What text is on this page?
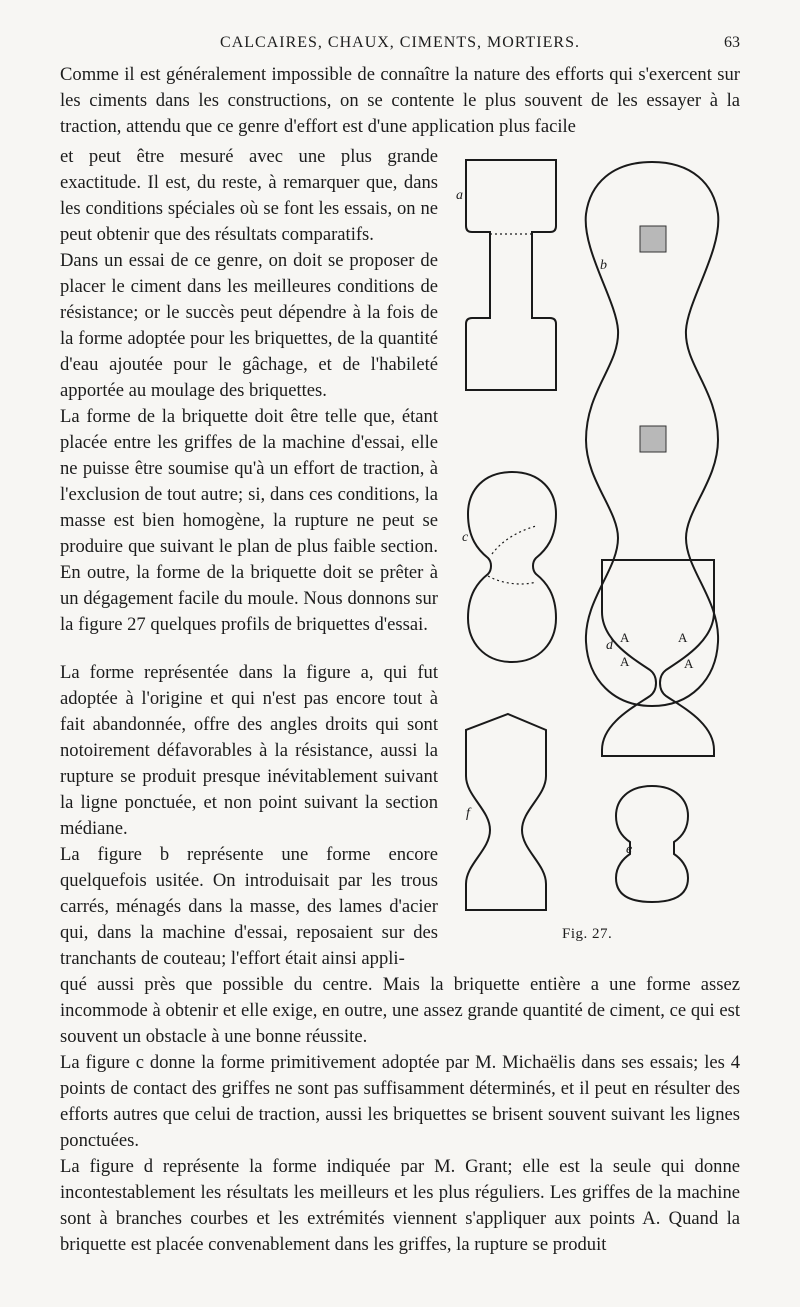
CALCAIRES, CHAUX, CIMENTS, MORTIERS.	63

Comme il est généralement impossible de connaître la nature des efforts qui s'exercent sur les ciments dans les constructions, on se contente le plus souvent de les essayer à la traction, attendu que ce genre d'effort est d'une application plus facile

et peut être mesuré avec une plus grande exactitude. Il est, du reste, à remarquer que, dans les conditions spéciales où se font les essais, on ne peut obtenir que des résultats comparatifs.

Dans un essai de ce genre, on doit se proposer de placer le ciment dans les meilleures conditions de résistance; or le succès peut dépendre à la fois de la forme adoptée pour les briquettes, de la quantité d'eau ajoutée pour le gâchage, et de l'habileté apportée au moulage des briquettes.

La forme de la briquette doit être telle que, étant placée entre les griffes de la machine d'essai, elle ne puisse être soumise qu'à un effort de traction, à l'exclusion de tout autre; si, dans ces conditions, la masse est bien homogène, la rupture ne peut se produire que suivant le plan de plus faible section. En outre, la forme de la briquette doit se prêter à un dégagement facile du moule. Nous donnons sur la figure 27 quelques profils de briquettes d'essai.

La forme représentée dans la figure a, qui fut adoptée à l'origine et qui n'est pas encore tout à fait abandonnée, offre des angles droits qui sont notoirement défavorables à la résistance, aussi la rupture se produit presque inévitablement suivant la ligne ponctuée, et non point suivant la section médiane.

La figure b représente une forme encore quelquefois usitée. On introduisait par les trous carrés, ménagés dans la masse, des lames d'acier qui, dans la machine d'essai, reposaient sur des tranchants de couteau; l'effort était ainsi appli-

qué aussi près que possible du centre. Mais la briquette entière a une forme assez incommode à obtenir et elle exige, en outre, une assez grande quantité de ciment, ce qui est souvent un obstacle à une bonne réussite.

La figure c donne la forme primitivement adoptée par M. Michaëlis dans ses essais; les 4 points de contact des griffes ne sont pas suffisamment déterminés, et il peut en résulter des efforts autres que celui de traction, aussi les briquettes se brisent souvent suivant les lignes ponctuées.

La figure d représente la forme indiquée par M. Grant; elle est la seule qui donne incontestablement les résultats les meilleurs et les plus réguliers. Les griffes de la machine sont à branches courbes et les extrémités viennent s'appliquer aux points A. Quand la briquette est placée convenablement dans les griffes, la rupture se produit

a
b
c
d
e
f
A	A
A	A
Fig. 27.
